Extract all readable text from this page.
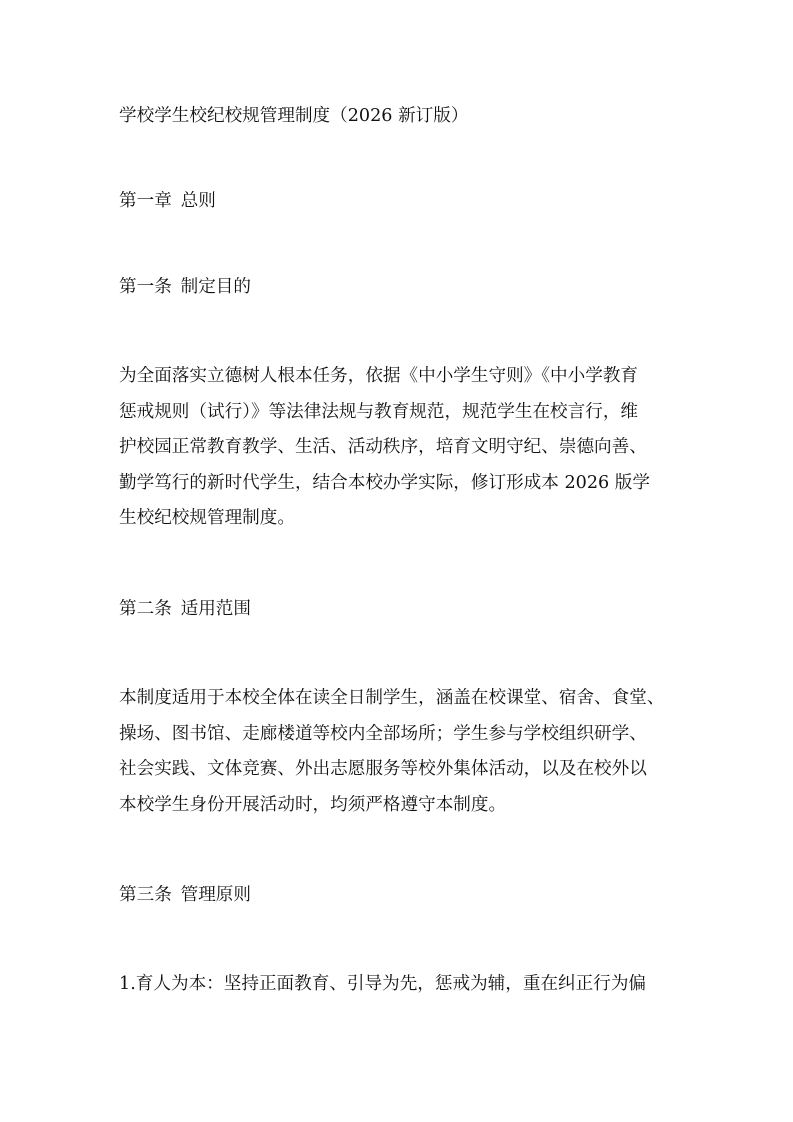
学校学生校纪校规管理制度（2026 新订版）

第一章 总则

第一条 制定目的

为全面落实立德树人根本任务，依据《中小学生守则》《中小学教育

惩戒规则（试行）》等法律法规与教育规范，规范学生在校言行，维

护校园正常教育教学、生活、活动秩序，培育文明守纪、崇德向善、

勤学笃行的新时代学生，结合本校办学实际，修订形成本 2026 版学

生校纪校规管理制度。

第二条 适用范围

本制度适用于本校全体在读全日制学生，涵盖在校课堂、宿舍、食堂、

操场、图书馆、走廊楼道等校内全部场所；学生参与学校组织研学、

社会实践、文体竞赛、外出志愿服务等校外集体活动，以及在校外以

本校学生身份开展活动时，均须严格遵守本制度。

第三条 管理原则

1.育人为本：坚持正面教育、引导为先，惩戒为辅，重在纠正行为偏
